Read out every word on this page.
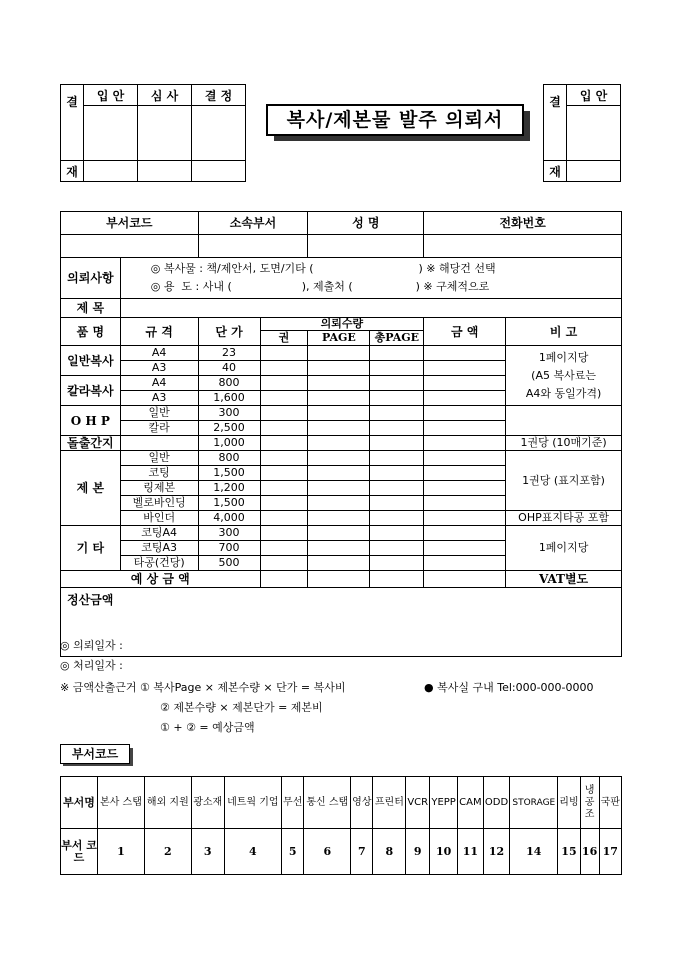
결	입 안	심 사	결 정

재			
복사/제본물 발주 의뢰서
결	입 안

재	
부서코드		소속부서		성 명		전화번호	

의뢰사항	◎ 복사물 : 책/제안서, 도면/기타 (                              ) ※ 해당건 선택
◎ 용  도 : 사내 (                    ), 제출처 (                  ) ※ 구체적으로						

제 목							
품 명	규 격	단 가	의뢰수량			금 액	비 고
			권	PAGE	총PAGE		
일반복사	A4	23					1페이지당
(A5 복사료는
A4와 동일가격)

	A3	40					
칼라복사	A4	800					
	A3	1,600					
O H P	일반	300					
	칼라	2,500					
돌출간지		1,000					1권당 (10매기준)
제 본	일반	800					1권당 (표지포함)
	코팅	1,500					
	링제본	1,200					
	벨로바인딩	1,500					
	바인더	4,000					OHP표지타공 포함
기 타	코팅A4	300					1페이지당
	코팅A3	700					
	타공(건당)	500					
예 상 금 액							VAT별도
정산금액							
◎ 의뢰일자 :
◎ 처리일자 :
※ 금액산출근거 ① 복사Page × 제본수량 × 단가 = 복사비	● 복사실 구내 Tel:000-000-0000
② 제본수량 × 제본단가 = 제본비
① + ② = 예상금액
부서코드
부서명	본사 스탭	해외 지원	광소재	네트웍 기업	무선	통신 스탭	영상	프린터	VCR	YEPP	CAM	ODD	STORAGE	리빙	냉 공 조	국판
부서 코드	1	2	3	4	5	6	7	8	9	10	11	12	14	15	16	17
